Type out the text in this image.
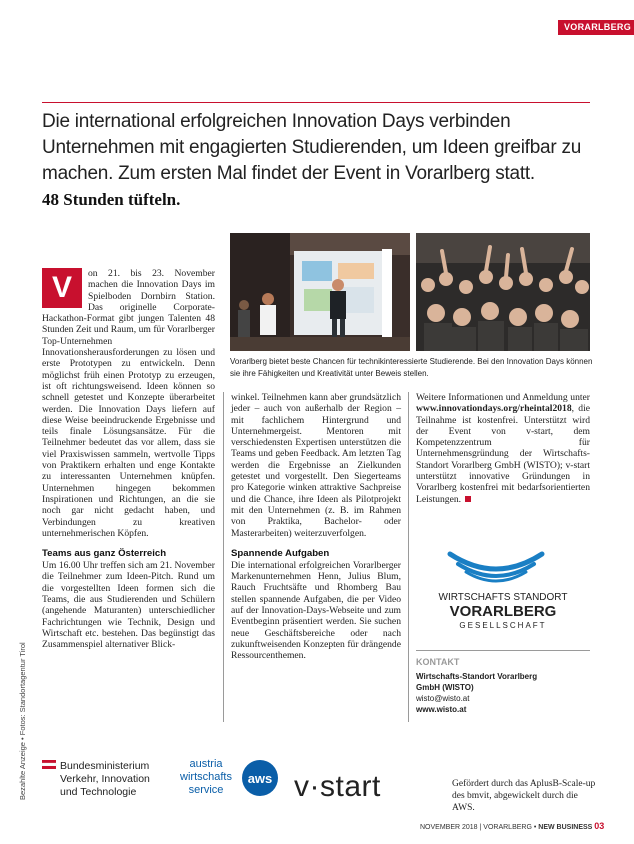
VORARLBERG

Die international erfolgreichen Innovation Days verbinden Unternehmen mit engagierten Studierenden, um Ideen greifbar zu machen. Zum ersten Mal findet der Event in Vorarlberg statt.

48 Stunden tüfteln.

Vorarlberg bietet beste Chancen für technikinteressierte Studierende. Bei den Innovation Days können sie ihre Fähigkeiten und Kreativität unter Beweis stellen.

V	on 21. bis 23. November machen die Innovation Days im Spielboden Dornbirn Station. Das originelle Corporate-Hackathon-Format gibt jungen Talenten 48 Stunden Zeit und Raum, um für Vorarlberger Top-Unternehmen Innovationsherausforderungen zu lösen und erste Prototypen zu entwickeln. Denn möglichst früh einen Prototyp zu erzeugen, ist oft richtungsweisend. Ideen können so schnell getestet und Konzepte überarbeitet werden. Die Innovation Days liefern auf diese Weise beeindruckende Ergebnisse und teils finale Lösungsansätze. Für die Teilnehmer bedeutet das vor allem, dass sie viel Praxiswissen sammeln, wertvolle Tipps von Praktikern erhalten und enge Kontakte zu interessanten Unternehmen knüpfen. Unternehmen hingegen bekommen Inspirationen und Richtungen, an die sie noch gar nicht gedacht haben, und Verbindungen zu kreativen unternehmerischen Köpfen.

Teams aus ganz Österreich

Um 16.00 Uhr treffen sich am 21. November die Teilnehmer zum Ideen-Pitch. Rund um die vorgestellten Ideen formen sich die Teams, die aus Studierenden und Schülern (angehende Maturanten) unterschiedlicher Fachrichtungen wie Technik, Design und Wirtschaft etc. bestehen. Das begünstigt das Zusammenspiel alternativer Blick-

winkel. Teilnehmen kann aber grundsätzlich jeder – auch von außerhalb der Region – mit fachlichem Hintergrund und Unternehmergeist. Mentoren mit verschiedensten Expertisen unterstützen die Teams und geben Feedback. Am letzten Tag werden die Ergebnisse an Zielkunden getestet und vorgestellt. Den Siegerteams pro Kategorie winken attraktive Sachpreise und die Chance, ihre Ideen als Pilotprojekt mit den Unternehmen (z. B. im Rahmen von Praktika, Bachelor- oder Masterarbeiten) weiterzuverfolgen.

Spannende Aufgaben

Die international erfolgreichen Vorarlberger Markenunternehmen Henn, Julius Blum, Rauch Fruchtsäfte und Rhomberg Bau stellen spannende Aufgaben, die per Video auf der Innovation-Days-Webseite und zum Eventbeginn präsentiert werden. Sie suchen neue Geschäftsbereiche oder nach zukunftweisenden Konzepten für drängende Ressourcenthemen.

Weitere Informationen und Anmeldung unter www.innovationdays.org/rheintal2018, die Teilnahme ist kostenfrei. Unterstützt wird der Event von v-start, dem Kompetenzzentrum für Unternehmensgründung der Wirtschafts-Standort Vorarlberg GmbH (WISTO); v-start unterstützt innovative Gründungen in Vorarlberg kostenfrei mit bedarfsorientierten Leistungen.

WIRTSCHAFTS STANDORT
VORARLBERG
GESELLSCHAFT
KONTAKT
Wirtschafts-Standort Vorarlberg
GmbH (WISTO)
wisto@wisto.at
www.wisto.at
Bezahlte Anzeige • Fotos: Standortagentur Tirol	Bundesministerium
Verkehr, Innovation
und Technologie
austria
wirtschafts
service
aws v·start	Gefördert durch das AplusB-Scale-up des bmvit, abgewickelt durch die AWS.

NOVEMBER 2018 | VORARLBERG • NEW BUSINESS 03
